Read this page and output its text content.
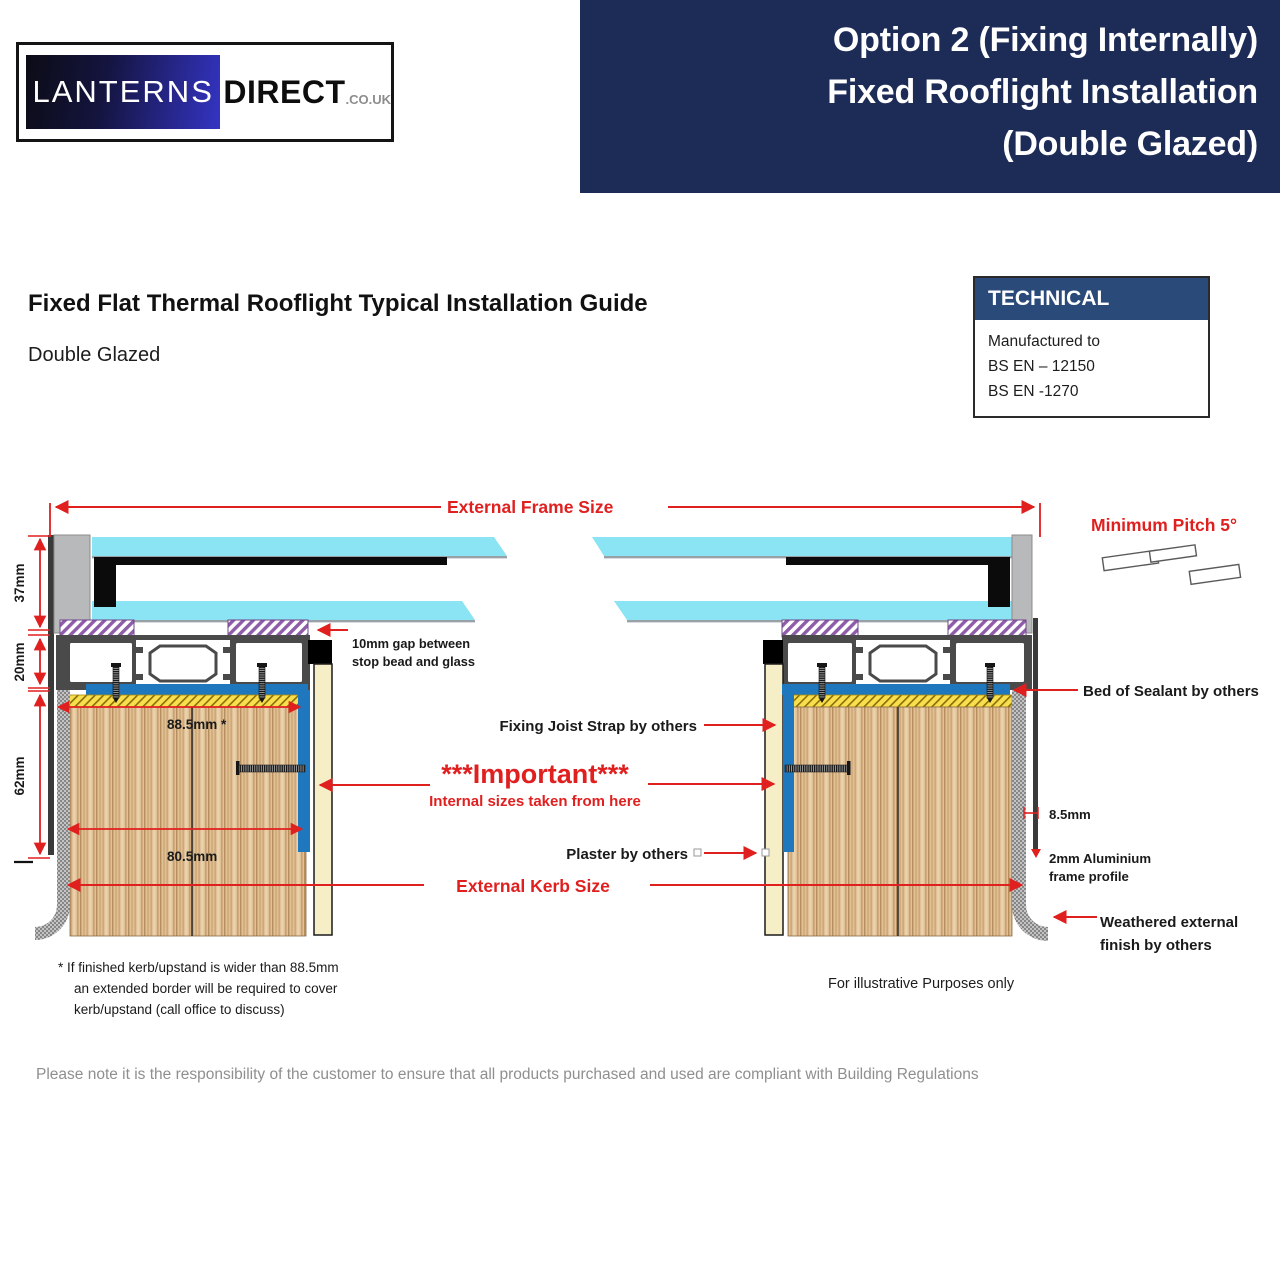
LANTERNS DIRECT .CO.UK
Option 2 (Fixing Internally)
Fixed Rooflight Installation
(Double Glazed)
Fixed Flat Thermal Rooflight Typical Installation Guide
Double Glazed
TECHNICAL
Manufactured to
BS EN – 12150
BS EN -1270
External Frame Size
37mm
20mm
62mm
88.5mm *
80.5mm
10mm gap between
stop bead and glass
Fixing Joist Strap by others
***Important***
Internal sizes taken from here
Plaster by others
External Kerb Size
Bed of Sealant by others
8.5mm
2mm Aluminium
frame profile
Weathered external
finish by others
Minimum Pitch 5°
* If finished kerb/upstand is wider than 88.5mm
an extended border will be required to cover
kerb/upstand (call office to discuss)
For illustrative Purposes only
Please note it is the responsibility of the customer to ensure that all products purchased and used are compliant with Building Regulations
